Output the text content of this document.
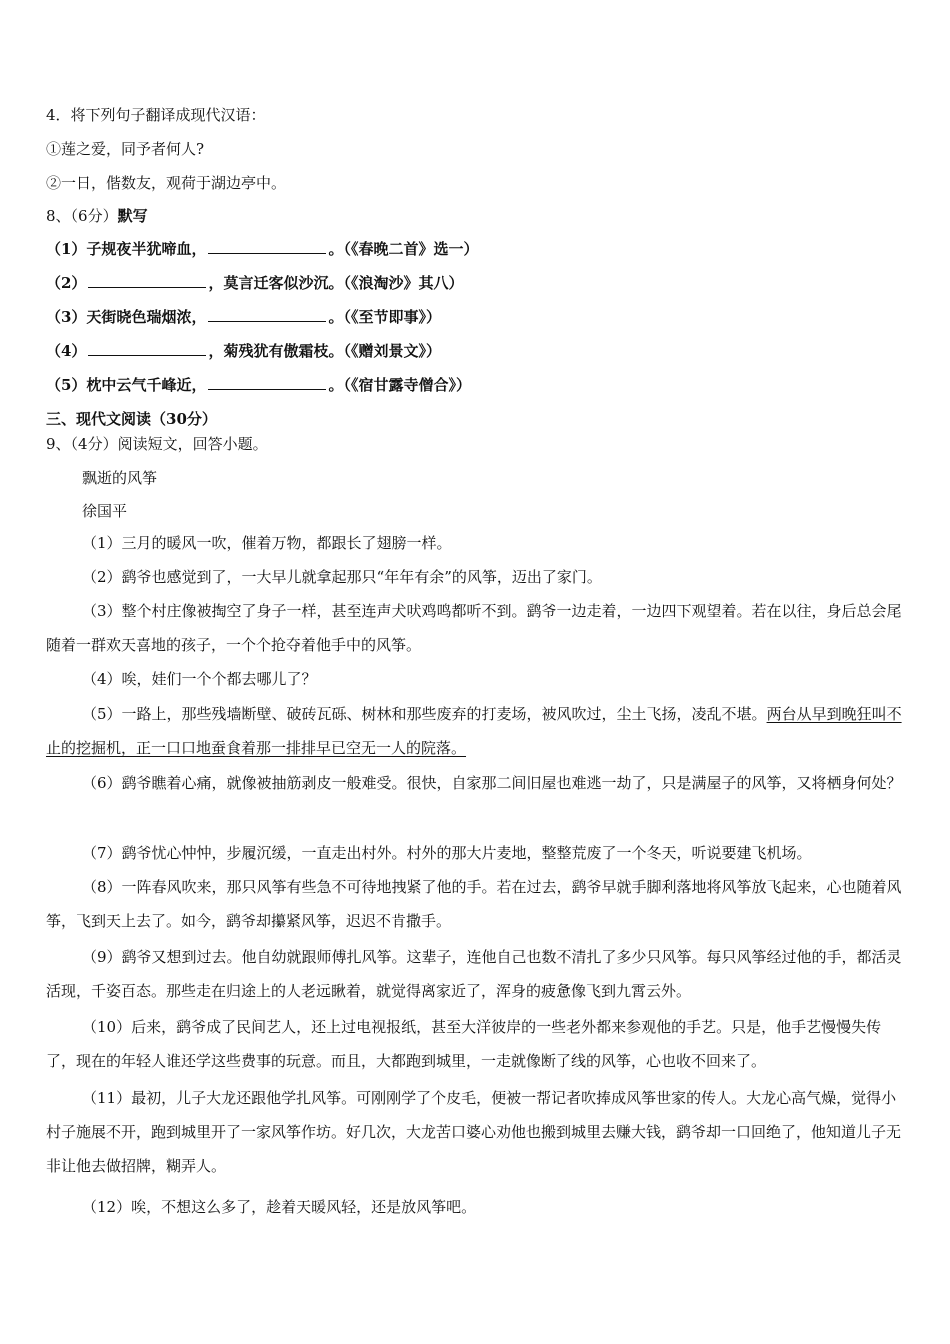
4．将下列句子翻译成现代汉语：
①莲之爱，同予者何人?
②一日，偕数友，观荷于湖边亭中。
8、（6分）默写
（1）子规夜半犹啼血，	。（《春晚二首》选一）
（2）	，莫言迁客似沙沉。（《浪淘沙》其八）
（3）天街晓色瑞烟浓，	。（《至节即事》）
（4）	，菊残犹有傲霜枝。（《赠刘景文》）
（5）枕中云气千峰近，	。（《宿甘露寺僧合》）
三、现代文阅读（30分）
9、（4分）阅读短文，回答小题。
飘逝的风筝
徐国平
（1）三月的暖风一吹，催着万物，都跟长了翅膀一样。
（2）鹞爷也感觉到了，一大早儿就拿起那只“年年有余”的风筝，迈出了家门。
（3）整个村庄像被掏空了身子一样，甚至连声犬吠鸡鸣都听不到。鹞爷一边走着，一边四下观望着。若在以往，身后总会尾随着一群欢天喜地的孩子，一个个抢夺着他手中的风筝。
（4）唉，娃们一个个都去哪儿了？
（5）一路上，那些残墙断壁、破砖瓦砾、树林和那些废弃的打麦场，被风吹过，尘土飞扬，凌乱不堪。两台从早到晚狂叫不止的挖掘机，正一口口地蚕食着那一排排早已空无一人的院落。
（6）鹞爷瞧着心痛，就像被抽筋剥皮一般难受。很快，自家那二间旧屋也难逃一劫了，只是满屋子的风筝，又将栖身何处？
（7）鹞爷忧心忡忡，步履沉缓，一直走出村外。村外的那大片麦地，整整荒废了一个冬天，听说要建飞机场。
（8）一阵春风吹来，那只风筝有些急不可待地拽紧了他的手。若在过去，鹞爷早就手脚利落地将风筝放飞起来，心也随着风筝，飞到天上去了。如今，鹞爷却攥紧风筝，迟迟不肯撒手。
（9）鹞爷又想到过去。他自幼就跟师傅扎风筝。这辈子，连他自己也数不清扎了多少只风筝。每只风筝经过他的手，都活灵活现，千姿百态。那些走在归途上的人老远瞅着，就觉得离家近了，浑身的疲惫像飞到九霄云外。
（10）后来，鹞爷成了民间艺人，还上过电视报纸，甚至大洋彼岸的一些老外都来参观他的手艺。只是，他手艺慢慢失传了，现在的年轻人谁还学这些费事的玩意。而且，大都跑到城里，一走就像断了线的风筝，心也收不回来了。
（11）最初，儿子大龙还跟他学扎风筝。可刚刚学了个皮毛，便被一帮记者吹捧成风筝世家的传人。大龙心高气燥，觉得小村子施展不开，跑到城里开了一家风筝作坊。好几次，大龙苦口婆心劝他也搬到城里去赚大钱，鹞爷却一口回绝了，他知道儿子无非让他去做招牌，糊弄人。
（12）唉，不想这么多了，趁着天暖风轻，还是放风筝吧。
